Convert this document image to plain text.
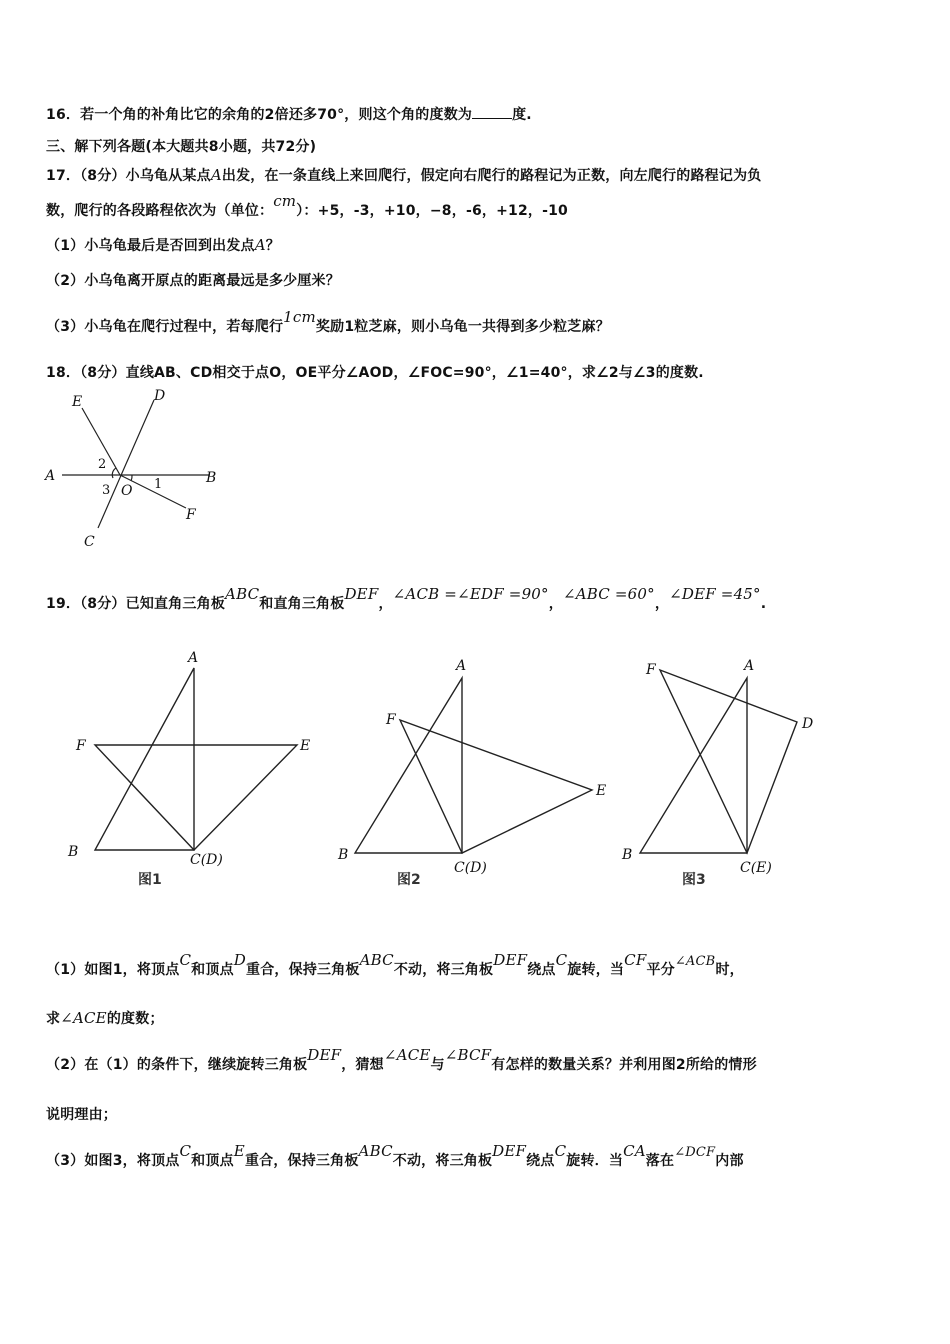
16．若一个角的补角比它的余角的2倍还多70°，则这个角的度数为	度.
三、解下列各题(本大题共8小题，共72分)
17．（8分）小乌龟从某点A出发，在一条直线上来回爬行，假定向右爬行的路程记为正数，向左爬行的路程记为负
数，爬行的各段路程依次为（单位：cm）：+5，-3，+10，−8，-6，+12，-10
（1）小乌龟最后是否回到出发点A？
（2）小乌龟离开原点的距离最远是多少厘米？
（3）小乌龟在爬行过程中，若每爬行1cm奖励1粒芝麻，则小乌龟一共得到多少粒芝麻？
18．（8分）直线AB、CD相交于点O，OE平分∠AOD，∠FOC=90°，∠1=40°，求∠2与∠3的度数.
E	D
A	B
O
F
C
2
3	1
19．（8分）已知直角三角板ABC和直角三角板DEF，∠ACB =∠EDF =90°，∠ABC =60°，∠DEF =45°.
A
F	E
B	C(D)
图1
A
F
E
B
C(D)
图2
A
F
D
B
C(E)
图3
（1）如图1，将顶点C和顶点D重合，保持三角板ABC不动，将三角板DEF绕点C旋转，当CF平分∠ACB时，
求∠ACE的度数；
（2）在（1）的条件下，继续旋转三角板DEF，猜想∠ACE与∠BCF有怎样的数量关系？并利用图2所给的情形
说明理由；
（3）如图3，将顶点C和顶点E重合，保持三角板ABC不动，将三角板DEF绕点C旋转．当CA落在∠DCF内部
